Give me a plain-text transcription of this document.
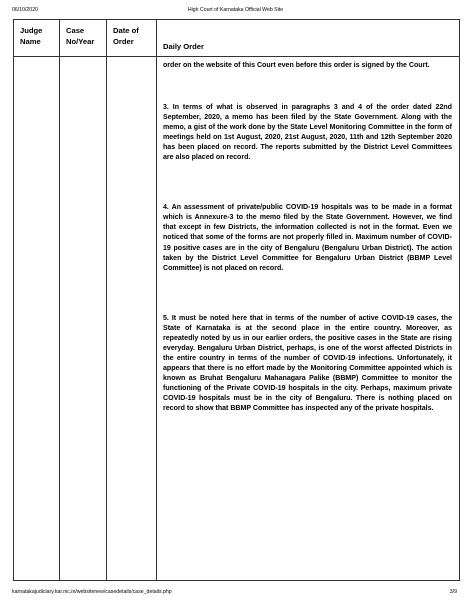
06/10/2020	High Court of Karnataka Official Web Site
Judge Name	Case No/Year	Date of Order	Daily Order

			order on the website of this Court even before this order is signed by the Court.

3. In terms of what is observed in paragraphs 3 and 4 of the order dated 22nd September, 2020, a memo has been filed by the State Government. Along with the memo, a gist of the work done by the State Level Monitoring Committee in the form of meetings held on 1st August, 2020, 21st August, 2020, 11th and 12th September 2020 has been placed on record. The reports submitted by the District Level Committees are also placed on record.

4. An assessment of private/public COVID-19 hospitals was to be made in a format which is Annexure-3 to the memo filed by the State Government. However, we find that except in few Districts, the information collected is not in the format. Even we noticed that some of the forms are not properly filled in. Maximum number of COVID-19 positive cases are in the city of Bengaluru (Bengaluru Urban District). The action taken by the District Level Committee for Bengaluru Urban District (BBMP Level Committee) is not placed on record.

5. It must be noted here that in terms of the number of active COVID-19 cases, the State of Karnataka is at the second place in the entire country. Moreover, as repeatedly noted by us in our earlier orders, the positive cases in the State are rising everyday. Bengaluru Urban District, perhaps, is one of the worst affected Districts in the entire country in terms of the number of COVID-19 infections. Unfortunately, it appears that there is no effort made by the Monitoring Committee appointed which is known as Bruhat Bengaluru Mahanagara Palike (BBMP) Committee to monitor the functioning of the Private COVID-19 hospitals in the city. Perhaps, maximum private COVID-19 hospitals must be in the city of Bengaluru. There is nothing placed on record to show that BBMP Committee has inspected any of the private hospitals.

karnatakajudiciary.kar.nic.in/websitenew/casedetails/case_details.php	3/9
